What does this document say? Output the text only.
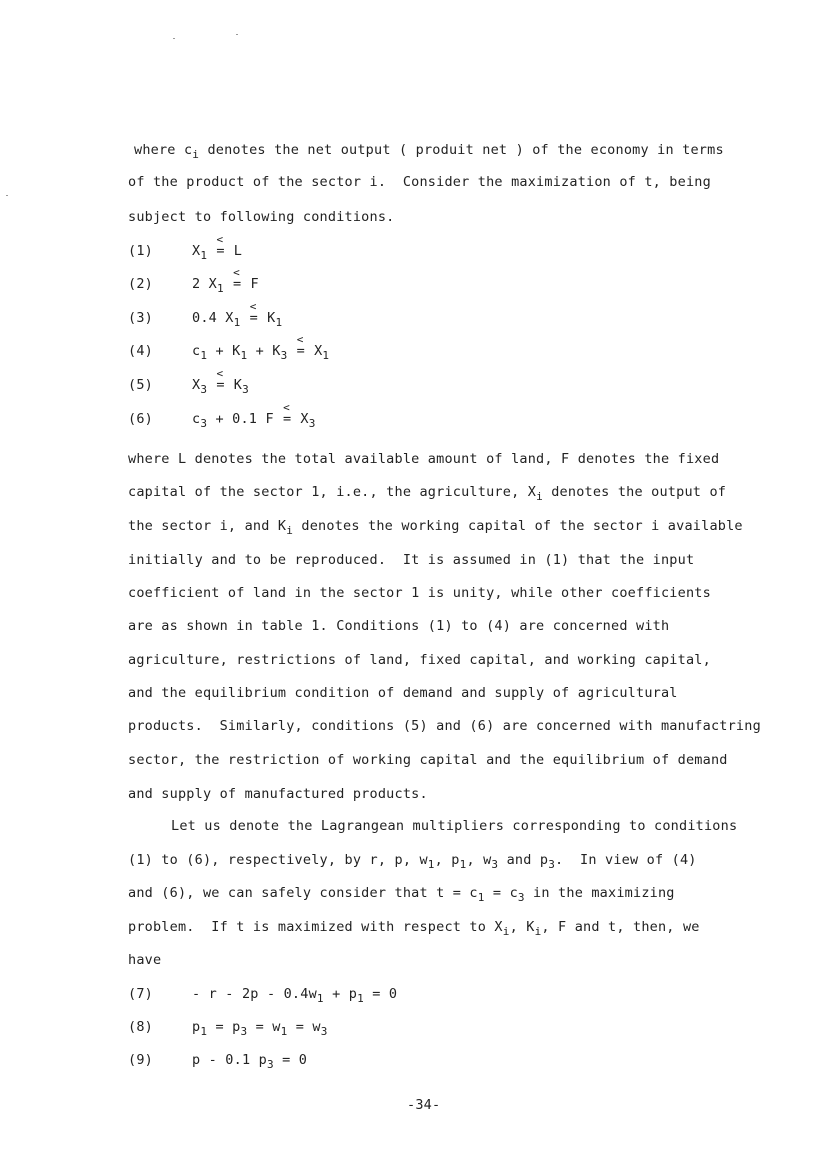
where $c_i$ denotes the net output ( produit net ) of the economy in terms
of the product of the sector i.  Consider the maximization of t, being
subject to following conditions.
(1)	$X_1$ < = L
(2)	2 $X_1$ < = F
(3)	0.4 $X_1$ < = $K_1$
(4)	$c_1 + K_1 + K_3$ < = $X_1$
(5)	$X_3$ < = $K_3$
(6)	$c_3 + 0.1$ F < = $X_3$
where L denotes the total available amount of land, F denotes the fixed
capital of the sector 1, i.e., the agriculture, $X_i$ denotes the output of
the sector i, and $K_i$ denotes the working capital of the sector i available
initially and to be reproduced.  It is assumed in (1) that the input
coefficient of land in the sector 1 is unity, while other coefficients
are as shown in table 1. Conditions (1) to (4) are concerned with
agriculture, restrictions of land, fixed capital, and working capital,
and the equilibrium condition of demand and supply of agricultural
products.  Similarly, conditions (5) and (6) are concerned with manufactring
sector, the restriction of working capital and the equilibrium of demand
and supply of manufactured products.
Let us denote the Lagrangean multipliers corresponding to conditions
(1) to (6), respectively, by r, p, $w_1$, $p_1$, $w_3$ and $p_3$.  In view of (4)
and (6), we can safely consider that $t = c_1 = c_3$ in the maximizing
problem.  If t is maximized with respect to $X_i$, $K_i$, F and t, then, we
have
(7)	- $r - 2p - 0.4w_1 + p_1 = 0$
(8)	$p_1 = p_3 = w_1 = w_3$
(9)	p - 0.1 $p_3 = 0$
-34-
